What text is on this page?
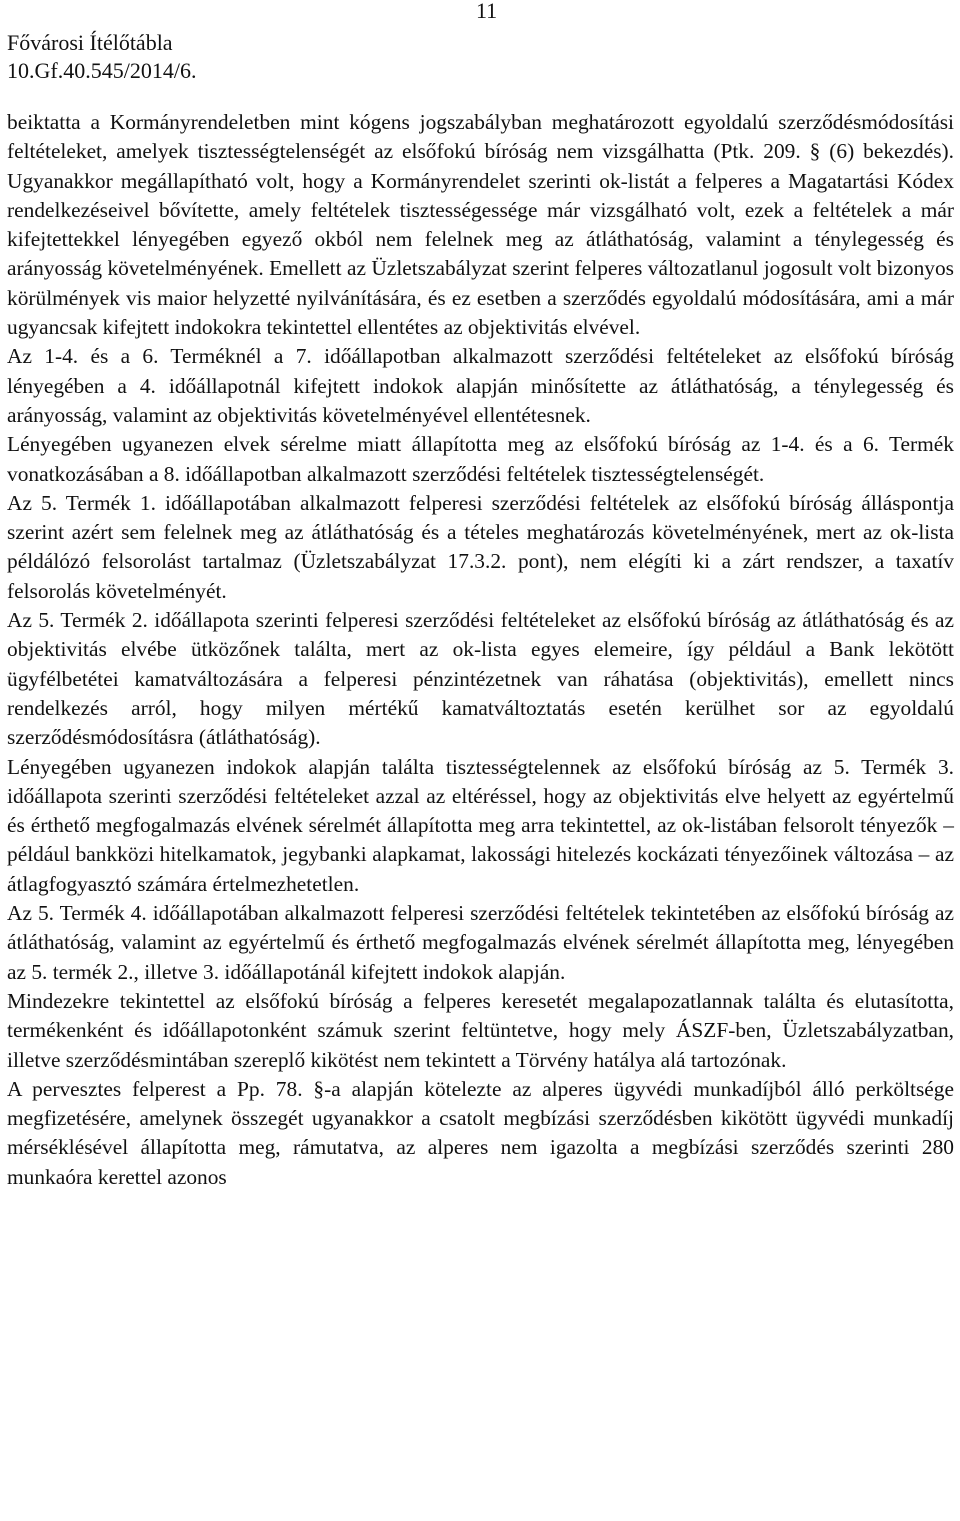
Fővárosi Ítélőtábla
10.Gf.40.545/2014/6.
11

beiktatta a Kormányrendeletben mint kógens jogszabályban meghatározott egyoldalú szerződésmódosítási feltételeket, amelyek tisztességtelenségét az elsőfokú bíróság nem vizsgálhatta (Ptk. 209. § (6) bekezdés). Ugyanakkor megállapítható volt, hogy a Kormányrendelet szerinti ok-listát a felperes a Magatartási Kódex rendelkezéseivel bővítette, amely feltételek tisztességessége már vizsgálható volt, ezek a feltételek a már kifejtettekkel lényegében egyező okból nem felelnek meg az átláthatóság, valamint a ténylegesség és arányosság követelményének. Emellett az Üzletszabályzat szerint felperes változatlanul jogosult volt bizonyos körülmények vis maior helyzetté nyilvánítására, és ez esetben a szerződés egyoldalú módosítására, ami a már ugyancsak kifejtett indokokra tekintettel ellentétes az objektivitás elvével.

Az 1-4. és a 6. Terméknél a 7. időállapotban alkalmazott szerződési feltételeket az elsőfokú bíróság lényegében a 4. időállapotnál kifejtett indokok alapján minősítette az átláthatóság, a ténylegesség és arányosság, valamint az objektivitás követelményével ellentétesnek.

Lényegében ugyanezen elvek sérelme miatt állapította meg az elsőfokú bíróság az 1-4. és a 6. Termék vonatkozásában a 8. időállapotban alkalmazott szerződési feltételek tisztességtelenségét.

Az 5. Termék 1. időállapotában alkalmazott felperesi szerződési feltételek az elsőfokú bíróság álláspontja szerint azért sem felelnek meg az átláthatóság és a tételes meghatározás követelményének, mert az ok-lista példálózó felsorolást tartalmaz (Üzletszabályzat 17.3.2. pont), nem elégíti ki a zárt rendszer, a taxatív felsorolás követelményét.

Az 5. Termék 2. időállapota szerinti felperesi szerződési feltételeket az elsőfokú bíróság az átláthatóság és az objektivitás elvébe ütközőnek találta, mert az ok-lista egyes elemeire, így például a Bank lekötött ügyfélbetétei kamatváltozására a felperesi pénzintézetnek van ráhatása (objektivitás), emellett nincs rendelkezés arról, hogy milyen mértékű kamatváltoztatás esetén kerülhet sor az egyoldalú szerződésmódosításra (átláthatóság).

Lényegében ugyanezen indokok alapján találta tisztességtelennek az elsőfokú bíróság az 5. Termék 3. időállapota szerinti szerződési feltételeket azzal az eltéréssel, hogy az objektivitás elve helyett az egyértelmű és érthető megfogalmazás elvének sérelmét állapította meg arra tekintettel, az ok-listában felsorolt tényezők – például bankközi hitelkamatok, jegybanki alapkamat, lakossági hitelezés kockázati tényezőinek változása – az átlagfogyasztó számára értelmezhetetlen.

Az 5. Termék 4. időállapotában alkalmazott felperesi szerződési feltételek tekintetében az elsőfokú bíróság az átláthatóság, valamint az egyértelmű és érthető megfogalmazás elvének sérelmét állapította meg, lényegében az 5. termék 2., illetve 3. időállapotánál kifejtett indokok alapján.

Mindezekre tekintettel az elsőfokú bíróság a felperes keresetét megalapozatlannak találta és elutasította, termékenként és időállapotonként számuk szerint feltüntetve, hogy mely ÁSZF-ben, Üzletszabályzatban, illetve szerződésmintában szereplő kikötést nem tekintett a Törvény hatálya alá tartozónak.

A pervesztes felperest a Pp. 78. §-a alapján kötelezte az alperes ügyvédi munkadíjból álló perköltsége megfizetésére, amelynek összegét ugyanakkor a csatolt megbízási szerződésben kikötött ügyvédi munkadíj mérséklésével állapította meg, rámutatva, az alperes nem igazolta a megbízási szerződés szerinti 280 munkaóra kerettel azonos
